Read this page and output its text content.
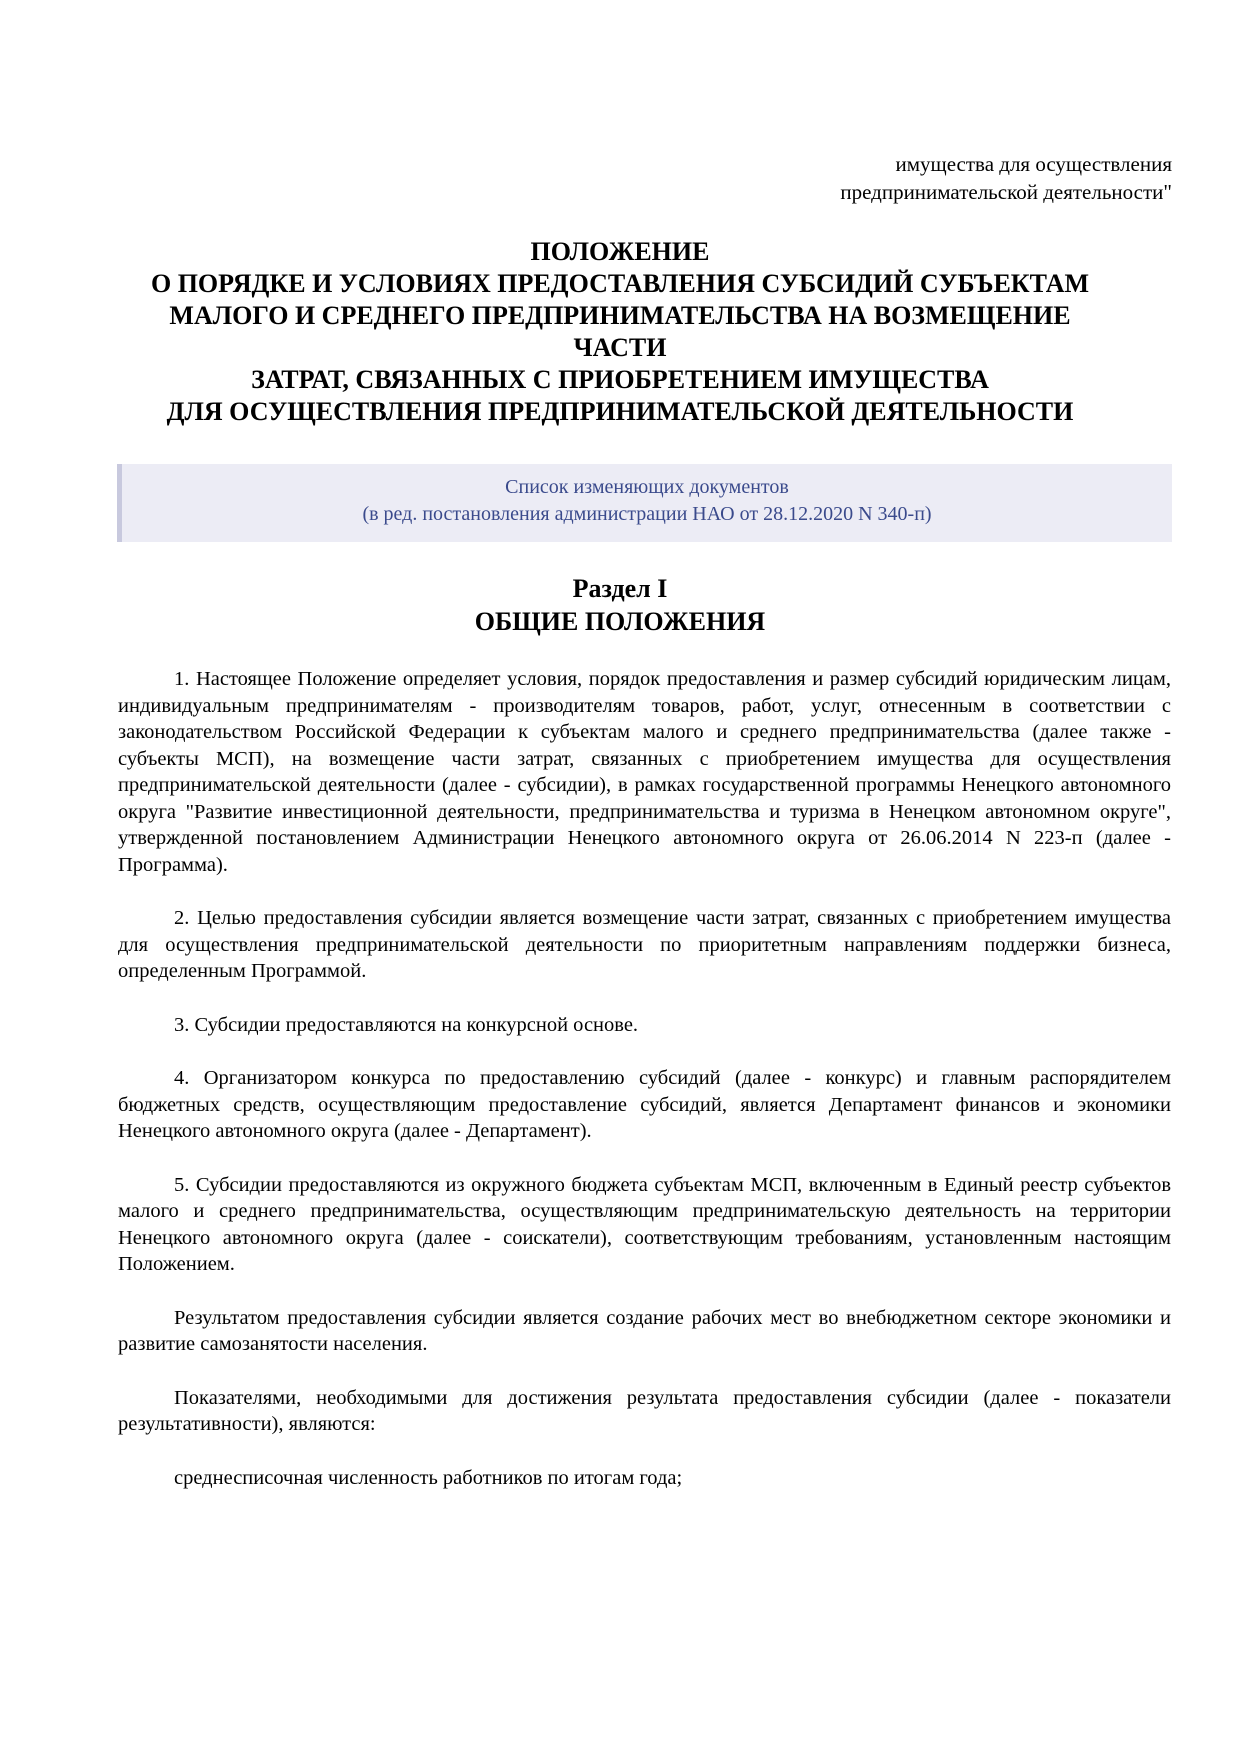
имущества для осуществления
предпринимательской деятельности"
ПОЛОЖЕНИЕ
О ПОРЯДКЕ И УСЛОВИЯХ ПРЕДОСТАВЛЕНИЯ СУБСИДИЙ СУБЪЕКТАМ
МАЛОГО И СРЕДНЕГО ПРЕДПРИНИМАТЕЛЬСТВА НА ВОЗМЕЩЕНИЕ
ЧАСТИ
ЗАТРАТ, СВЯЗАННЫХ С ПРИОБРЕТЕНИЕМ ИМУЩЕСТВА
ДЛЯ ОСУЩЕСТВЛЕНИЯ ПРЕДПРИНИМАТЕЛЬСКОЙ ДЕЯТЕЛЬНОСТИ
Список изменяющих документов
(в ред. постановления администрации НАО от 28.12.2020 N 340-п)
Раздел I
ОБЩИЕ ПОЛОЖЕНИЯ

1. Настоящее Положение определяет условия, порядок предоставления и размер субсидий юридическим лицам, индивидуальным предпринимателям - производителям товаров, работ, услуг, отнесенным в соответствии с законодательством Российской Федерации к субъектам малого и среднего предпринимательства (далее также - субъекты МСП), на возмещение части затрат, связанных с приобретением имущества для осуществления предпринимательской деятельности (далее - субсидии), в рамках государственной программы Ненецкого автономного округа "Развитие инвестиционной деятельности, предпринимательства и туризма в Ненецком автономном округе", утвержденной постановлением Администрации Ненецкого автономного округа от 26.06.2014 N 223-п (далее - Программа).

2. Целью предоставления субсидии является возмещение части затрат, связанных с приобретением имущества для осуществления предпринимательской деятельности по приоритетным направлениям поддержки бизнеса, определенным Программой.

3. Субсидии предоставляются на конкурсной основе.

4. Организатором конкурса по предоставлению субсидий (далее - конкурс) и главным распорядителем бюджетных средств, осуществляющим предоставление субсидий, является Департамент финансов и экономики Ненецкого автономного округа (далее - Департамент).

5. Субсидии предоставляются из окружного бюджета субъектам МСП, включенным в Единый реестр субъектов малого и среднего предпринимательства, осуществляющим предпринимательскую деятельность на территории Ненецкого автономного округа (далее - соискатели), соответствующим требованиям, установленным настоящим Положением.

Результатом предоставления субсидии является создание рабочих мест во внебюджетном секторе экономики и развитие самозанятости населения.

Показателями, необходимыми для достижения результата предоставления субсидии (далее - показатели результативности), являются:

среднесписочная численность работников по итогам года;
